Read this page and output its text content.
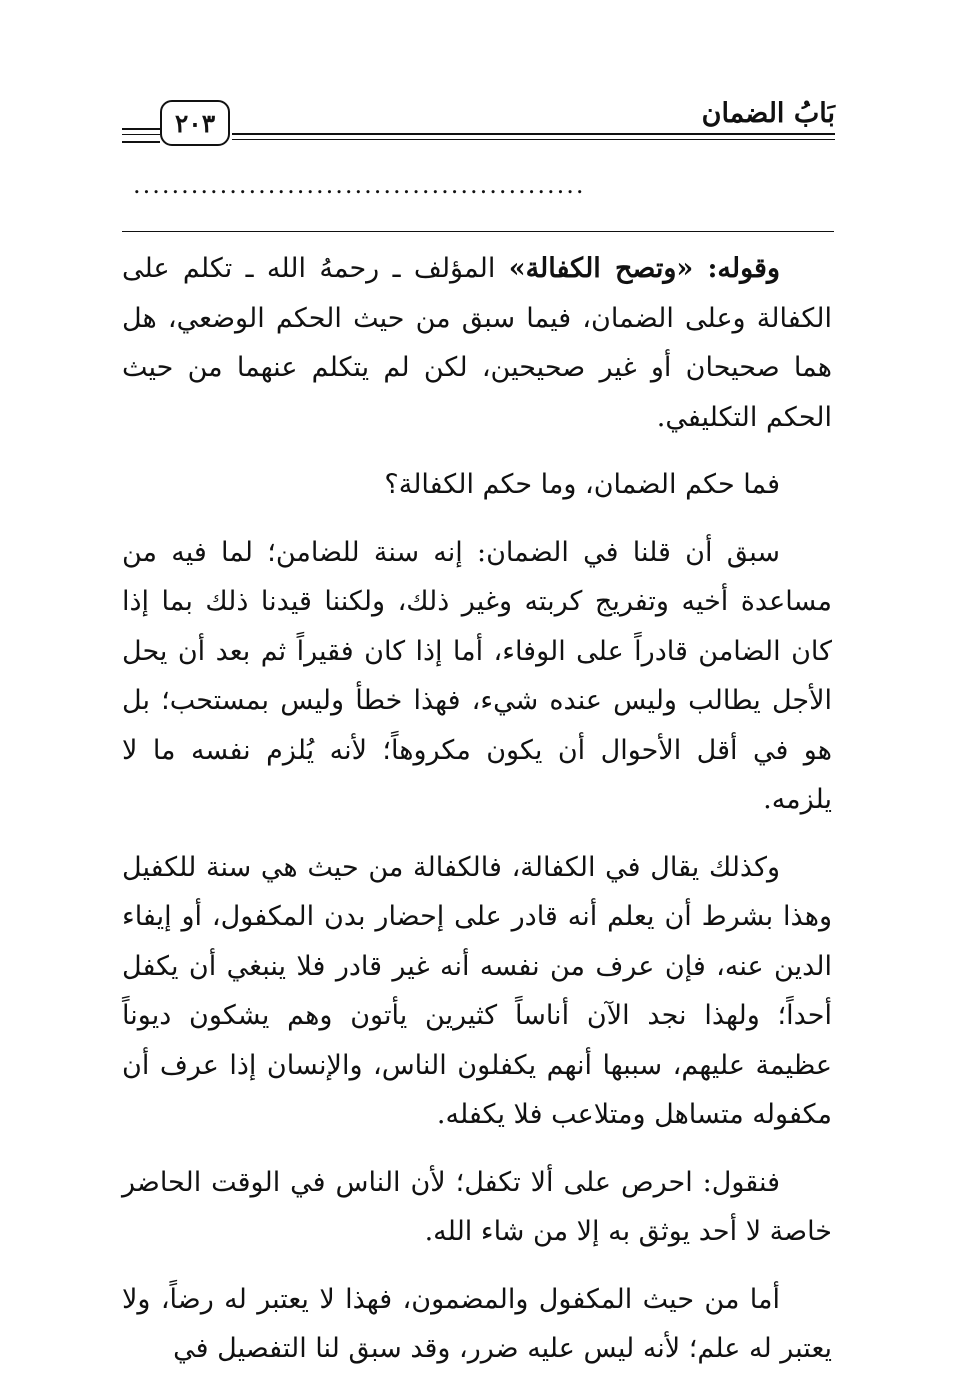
بَابُ الضمان
٢٠٣
...............................................

وقوله: «وتصح الكفالة» المؤلف ـ رحمهُ الله ـ تكلم على الكفالة وعلى الضمان، فيما سبق من حيث الحكم الوضعي، هل هما صحيحان أو غير صحيحين، لكن لم يتكلم عنهما من حيث الحكم التكليفي.

فما حكم الضمان، وما حكم الكفالة؟

سبق أن قلنا في الضمان: إنه سنة للضامن؛ لما فيه من مساعدة أخيه وتفريج كربته وغير ذلك، ولكننا قيدنا ذلك بما إذا كان الضامن قادراً على الوفاء، أما إذا كان فقيراً ثم بعد أن يحل الأجل يطالب وليس عنده شيء، فهذا خطأ وليس بمستحب؛ بل هو في أقل الأحوال أن يكون مكروهاً؛ لأنه يُلزم نفسه ما لا يلزمه.

وكذلك يقال في الكفالة، فالكفالة من حيث هي سنة للكفيل وهذا بشرط أن يعلم أنه قادر على إحضار بدن المكفول، أو إيفاء الدين عنه، فإن عرف من نفسه أنه غير قادر فلا ينبغي أن يكفل أحداً؛ ولهذا نجد الآن أناساً كثيرين يأتون وهم يشكون ديوناً عظيمة عليهم، سببها أنهم يكفلون الناس، والإنسان إذا عرف أن مكفوله متساهل ومتلاعب فلا يكفله.

فنقول: احرص على ألا تكفل؛ لأن الناس في الوقت الحاضر خاصة لا أحد يوثق به إلا من شاء الله.

أما من حيث المكفول والمضمون، فهذا لا يعتبر له رضاً، ولا يعتبر له علم؛ لأنه ليس عليه ضرر، وقد سبق لنا التفصيل في
